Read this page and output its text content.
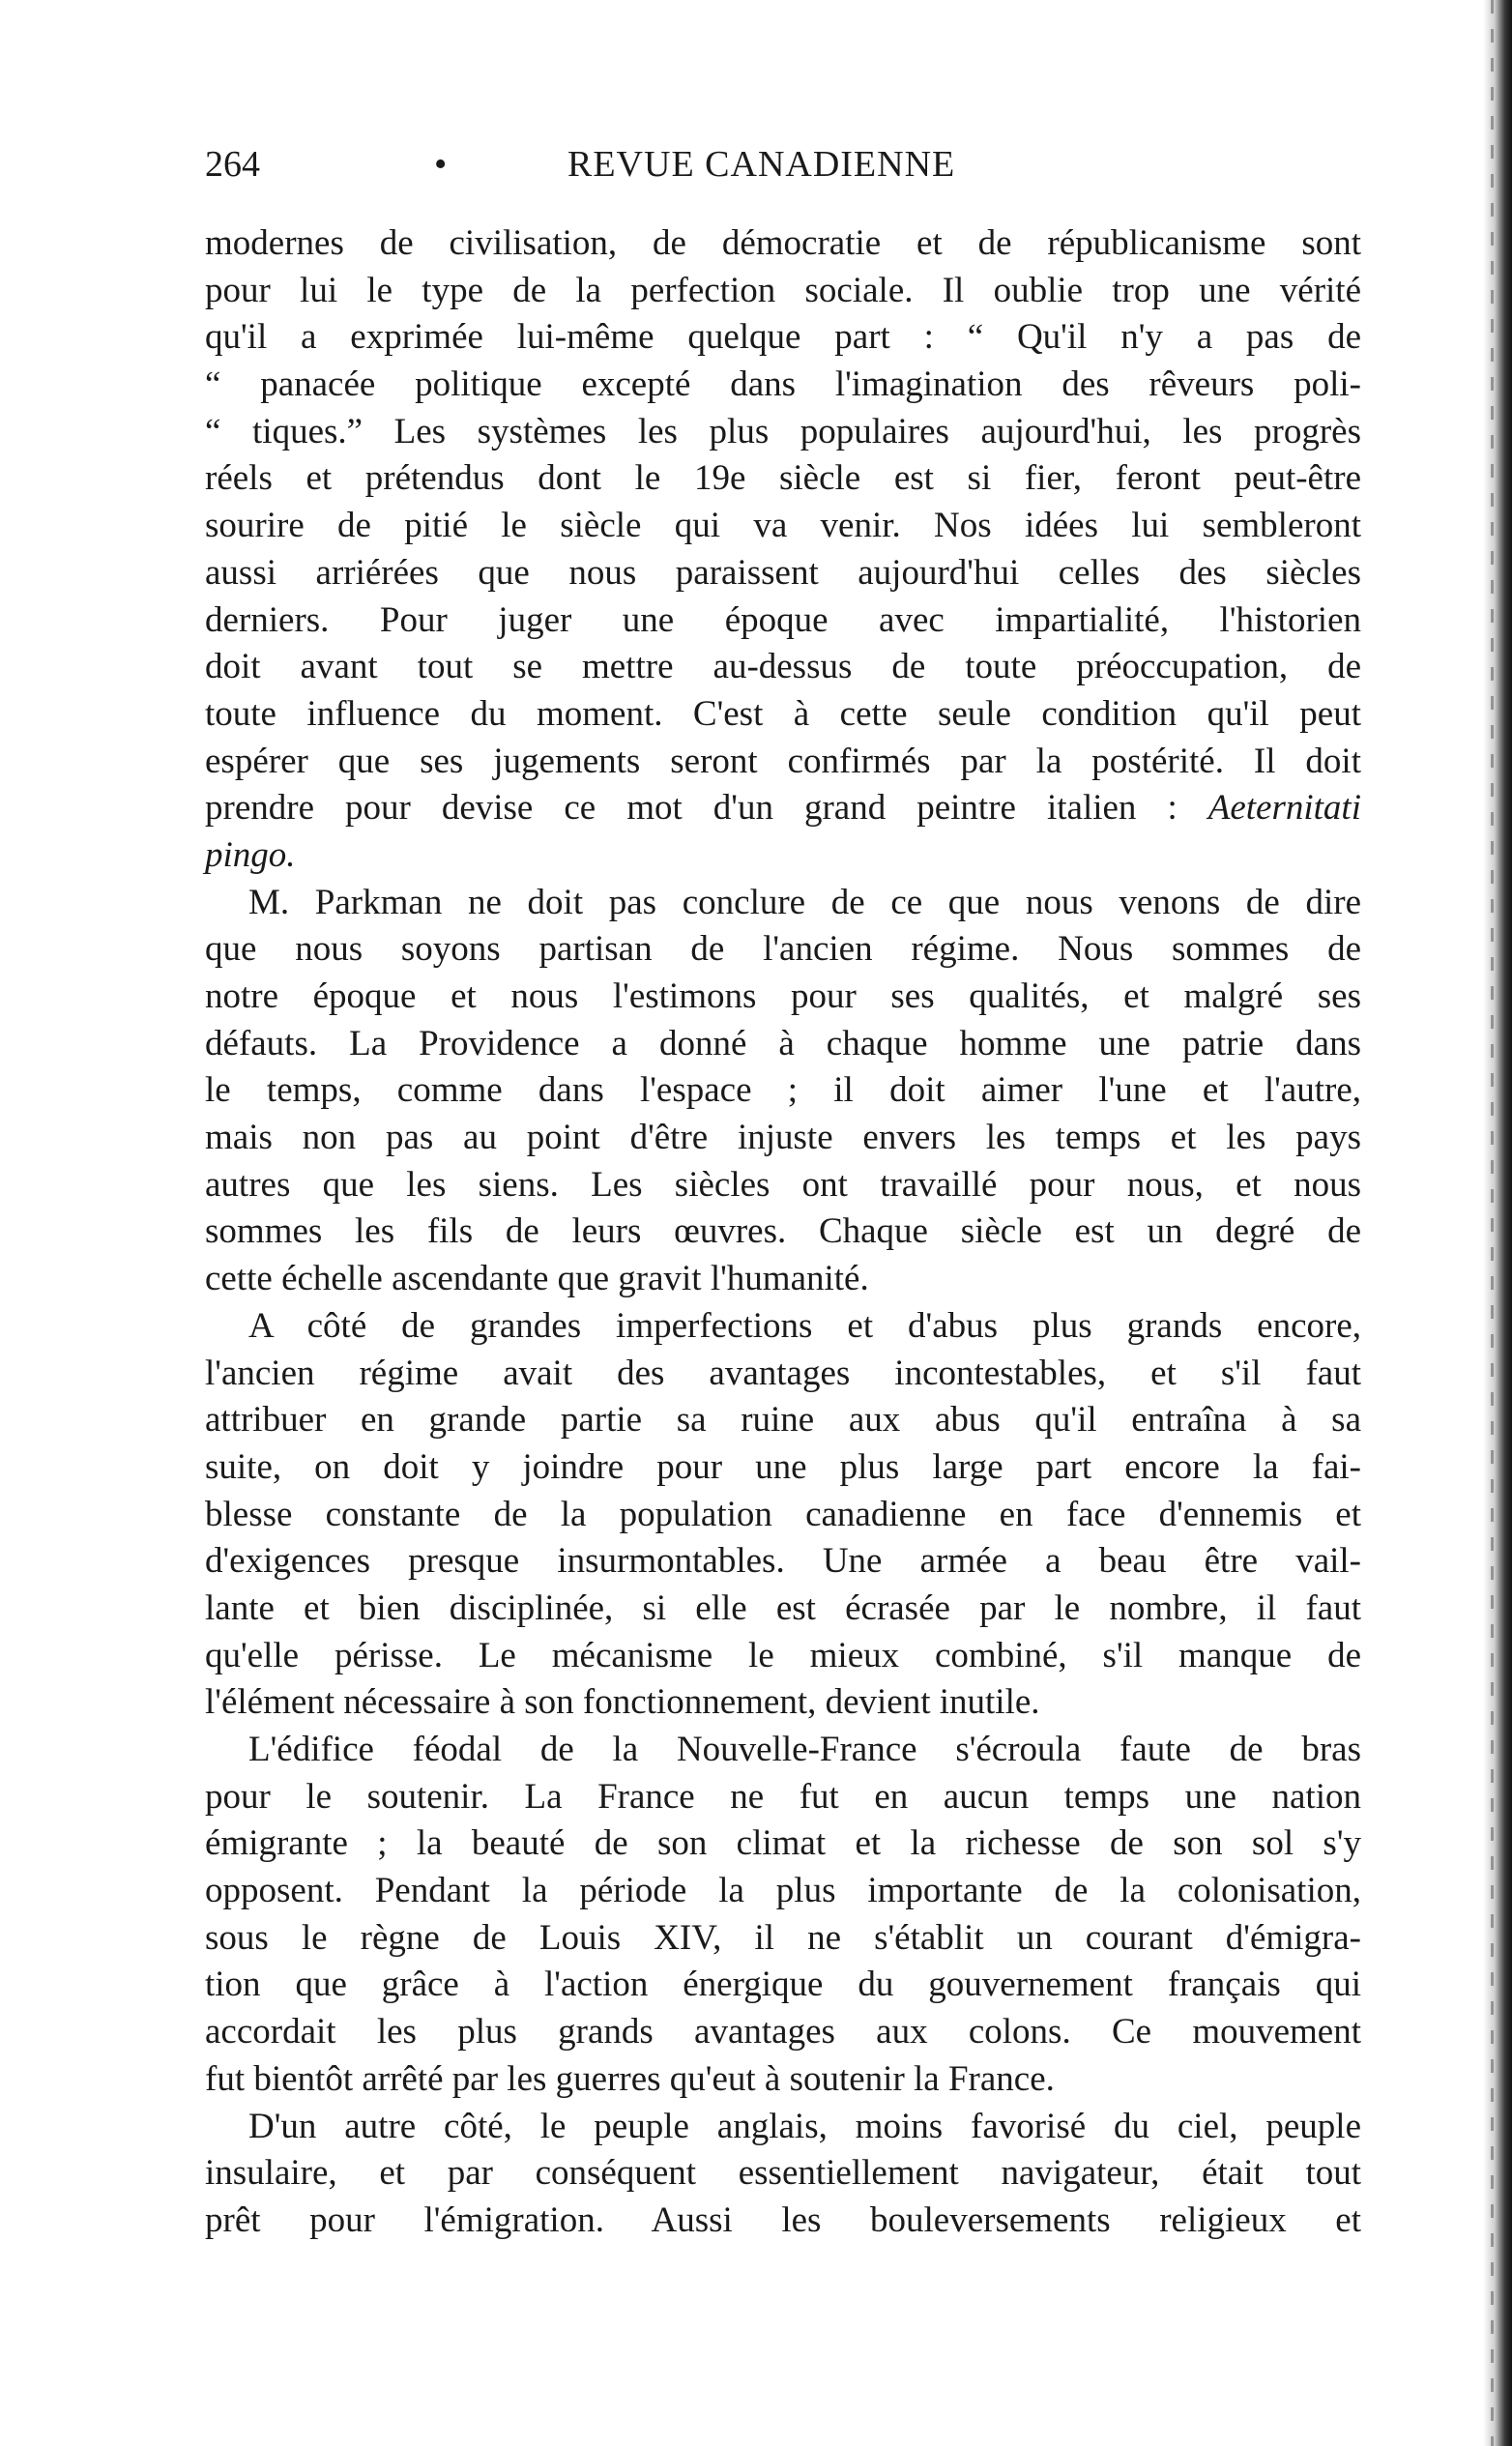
264	•	REVUE CANADIENNE
modernes de civilisation, de démocratie et de républicanisme sont
pour lui le type de la perfection sociale. Il oublie trop une vérité
qu'il a exprimée lui-même quelque part : “ Qu'il n'y a pas de
“ panacée politique excepté dans l'imagination des rêveurs poli-
“ tiques.” Les systèmes les plus populaires aujourd'hui, les progrès
réels et prétendus dont le 19e siècle est si fier, feront peut-être
sourire de pitié le siècle qui va venir. Nos idées lui sembleront
aussi arriérées que nous paraissent aujourd'hui celles des siècles
derniers. Pour juger une époque avec impartialité, l'historien
doit avant tout se mettre au-dessus de toute préoccupation, de
toute influence du moment. C'est à cette seule condition qu'il peut
espérer que ses jugements seront confirmés par la postérité. Il doit
prendre pour devise ce mot d'un grand peintre italien : Aeternitati
pingo.
M. Parkman ne doit pas conclure de ce que nous venons de dire
que nous soyons partisan de l'ancien régime. Nous sommes de
notre époque et nous l'estimons pour ses qualités, et malgré ses
défauts. La Providence a donné à chaque homme une patrie dans
le temps, comme dans l'espace ; il doit aimer l'une et l'autre,
mais non pas au point d'être injuste envers les temps et les pays
autres que les siens. Les siècles ont travaillé pour nous, et nous
sommes les fils de leurs œuvres. Chaque siècle est un degré de
cette échelle ascendante que gravit l'humanité.
A côté de grandes imperfections et d'abus plus grands encore,
l'ancien régime avait des avantages incontestables, et s'il faut
attribuer en grande partie sa ruine aux abus qu'il entraîna à sa
suite, on doit y joindre pour une plus large part encore la fai-
blesse constante de la population canadienne en face d'ennemis et
d'exigences presque insurmontables. Une armée a beau être vail-
lante et bien disciplinée, si elle est écrasée par le nombre, il faut
qu'elle périsse. Le mécanisme le mieux combiné, s'il manque de
l'élément nécessaire à son fonctionnement, devient inutile.
L'édifice féodal de la Nouvelle-France s'écroula faute de bras
pour le soutenir. La France ne fut en aucun temps une nation
émigrante ; la beauté de son climat et la richesse de son sol s'y
opposent. Pendant la période la plus importante de la colonisation,
sous le règne de Louis XIV, il ne s'établit un courant d'émigra-
tion que grâce à l'action énergique du gouvernement français qui
accordait les plus grands avantages aux colons. Ce mouvement
fut bientôt arrêté par les guerres qu'eut à soutenir la France.
D'un autre côté, le peuple anglais, moins favorisé du ciel, peuple
insulaire, et par conséquent essentiellement navigateur, était tout
prêt pour l'émigration. Aussi les bouleversements religieux et
